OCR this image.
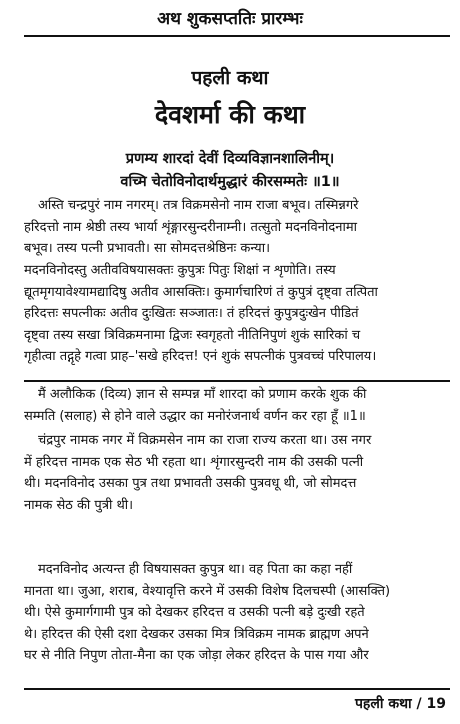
अथ शुकसप्ततिः प्रारम्भः
पहली कथा
देवशर्मा की कथा
प्रणम्य शारदां देवीं दिव्यविज्ञानशालिनीम्।
वच्मि चेतोविनोदार्थमुद्धारं कीरसम्मतेः ॥1॥
अस्ति चन्द्रपुरं नाम नगरम्। तत्र विक्रमसेनो नाम राजा बभूव। तस्मिन्नगरे
हरिदत्तो नाम श्रेष्ठी तस्य भार्या शृंङ्गारसुन्दरीनाम्नी। तत्सुतो मदनविनोदनामा
बभूव। तस्य पत्नी प्रभावती। सा सोमदत्तश्रेष्ठिनः कन्या।
मदनविनोदस्तु अतीवविषयासक्तः कुपुत्रः पितुः शिक्षां न शृणोति। तस्य
द्यूतमृगयावेश्यामद्यादिषु अतीव आसक्तिः। कुमार्गचारिणं तं कुपुत्रं दृष्ट्वा तत्पिता
हरिदत्तः सपत्नीकः अतीव दुःखितः सञ्जातः। तं हरिदत्तं कुपुत्रदुःखेन पीडितं
दृष्ट्वा तस्य सखा त्रिविक्रमनामा द्विजः स्वगृहतो नीतिनिपुणं शुकं सारिकां च
गृहीत्वा तद्गृहे गत्वा प्राह–'सखे हरिदत्त! एनं शुकं सपत्नीकं पुत्रवच्चं परिपालय।
मैं अलौकिक (दिव्य) ज्ञान से सम्पन्न माँ शारदा को प्रणाम करके शुक की
सम्मति (सलाह) से होने वाले उद्धार का मनोरंजनार्थ वर्णन कर रहा हूँ ॥1॥
चंद्रपुर नामक नगर में विक्रमसेन नाम का राजा राज्य करता था। उस नगर
में हरिदत्त नामक एक सेठ भी रहता था। शृंगारसुन्दरी नाम की उसकी पत्नी
थी। मदनविनोद उसका पुत्र तथा प्रभावती उसकी पुत्रवधू थी, जो सोमदत्त
नामक सेठ की पुत्री थी।
मदनविनोद अत्यन्त ही विषयासक्त कुपुत्र था। वह पिता का कहा नहीं
मानता था। जुआ, शराब, वेश्यावृत्ति करने में उसकी विशेष दिलचस्पी (आसक्ति)
थी। ऐसे कुमार्गगामी पुत्र को देखकर हरिदत्त व उसकी पत्नी बड़े दुःखी रहते
थे। हरिदत्त की ऐसी दशा देखकर उसका मित्र त्रिविक्रम नामक ब्राह्मण अपने
घर से नीति निपुण तोता-मैना का एक जोड़ा लेकर हरिदत्त के पास गया और
पहली कथा / 19
